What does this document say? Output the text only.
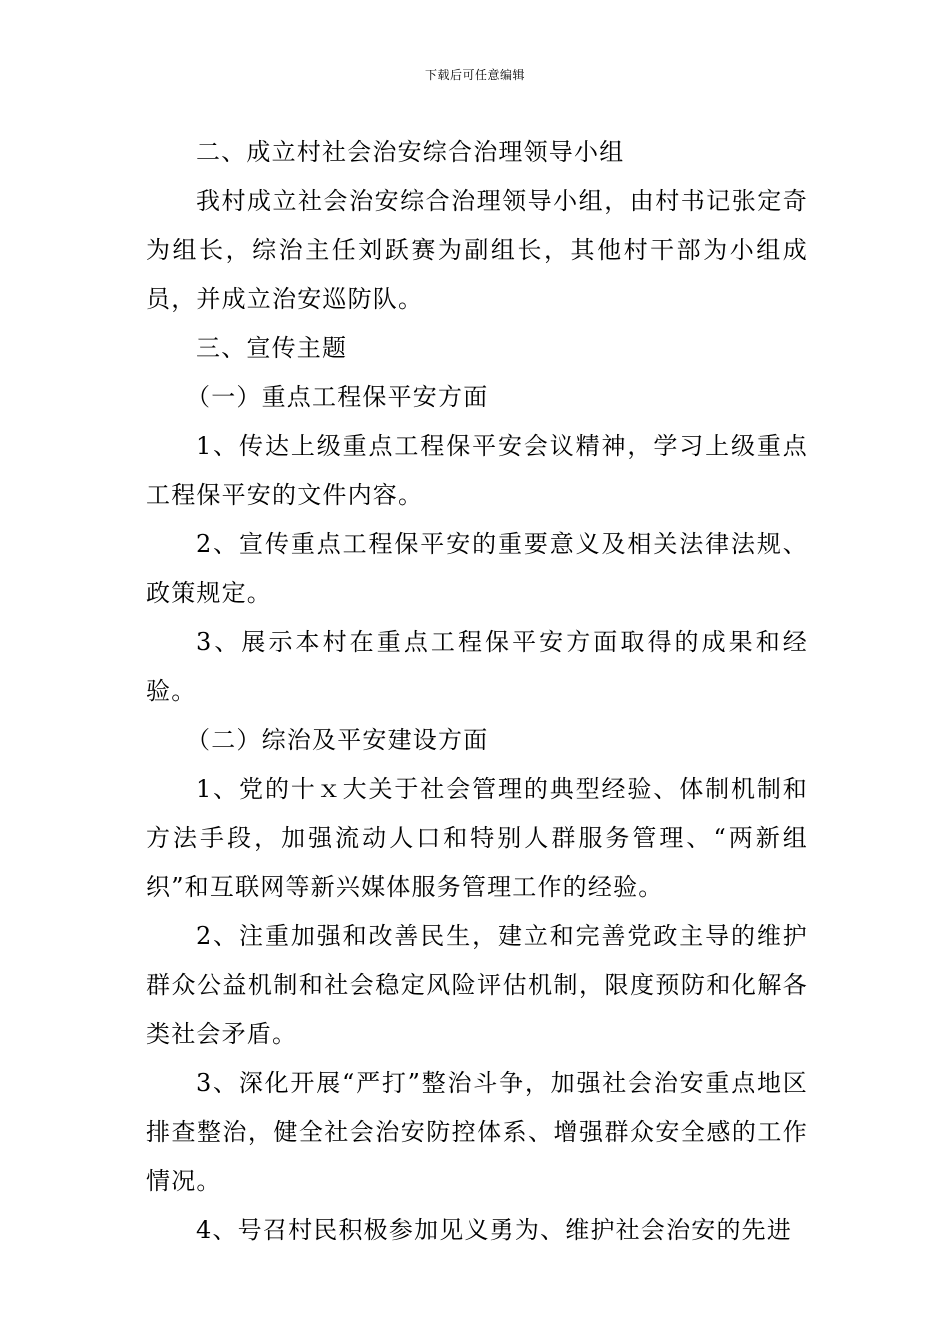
下载后可任意编辑

二、成立村社会治安综合治理领导小组

我村成立社会治安综合治理领导小组，由村书记张定奇为组长，综治主任刘跃赛为副组长，其他村干部为小组成员，并成立治安巡防队。

三、宣传主题

（一）重点工程保平安方面

1、传达上级重点工程保平安会议精神，学习上级重点工程保平安的文件内容。

2、宣传重点工程保平安的重要意义及相关法律法规、政策规定。

3、展示本村在重点工程保平安方面取得的成果和经验。

（二）综治及平安建设方面

1、党的十ｘ大关于社会管理的典型经验、体制机制和方法手段，加强流动人口和特别人群服务管理、“两新组织”和互联网等新兴媒体服务管理工作的经验。

2、注重加强和改善民生，建立和完善党政主导的维护群众公益机制和社会稳定风险评估机制，限度预防和化解各类社会矛盾。

3、深化开展“严打”整治斗争，加强社会治安重点地区排查整治，健全社会治安防控体系、增强群众安全感的工作情况。

4、号召村民积极参加见义勇为、维护社会治安的先进
